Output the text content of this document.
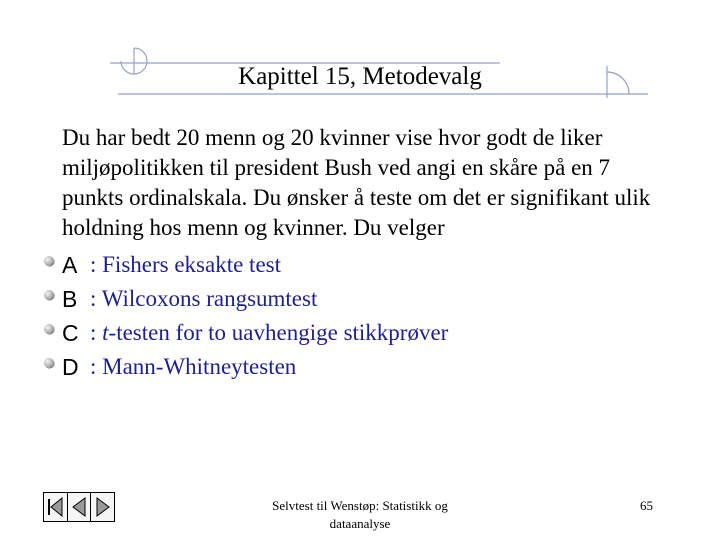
Kapittel 15, Metodevalg

Du har bedt 20 menn og 20 kvinner vise hvor godt de liker miljøpolitikken til president Bush ved angi en skåre på en 7 punkts ordinalskala. Du ønsker å teste om det er signifikant ulik holdning hos menn og kvinner. Du velger

A : Fishers eksakte test
B : Wilcoxons rangsumtest
C : t-testen for to uavhengige stikkprøver
D : Mann-Whitneytesten
Selvtest til Wenstøp: Statistikk og dataanalyse
65
